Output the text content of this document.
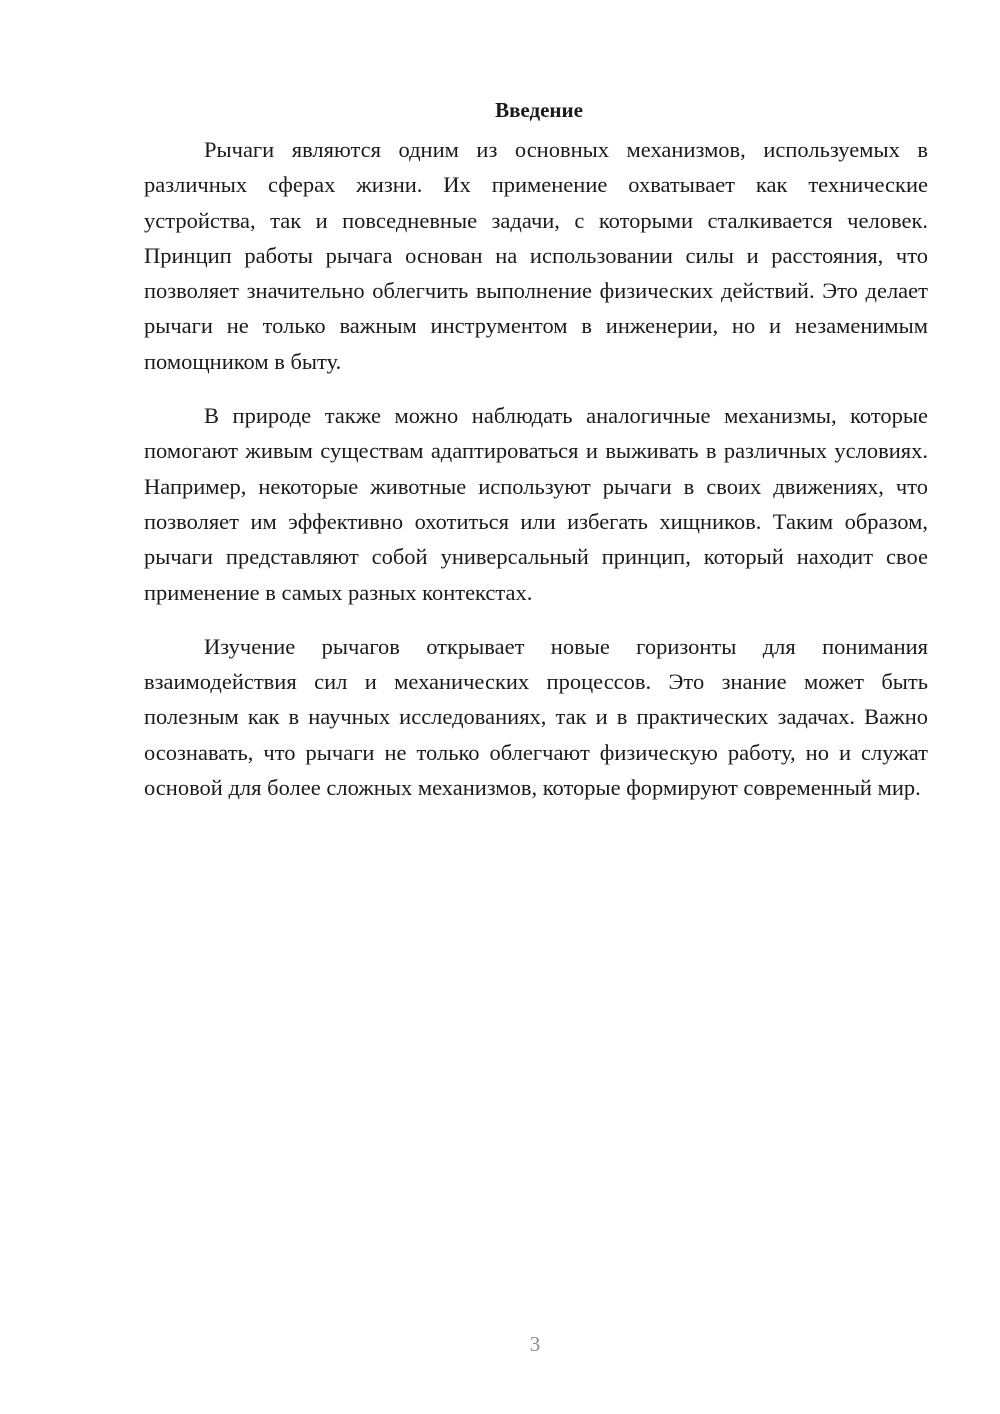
Введение

Рычаги являются одним из основных механизмов, используемых в различных сферах жизни. Их применение охватывает как технические устройства, так и повседневные задачи, с которыми сталкивается человек. Принцип работы рычага основан на использовании силы и расстояния, что позволяет значительно облегчить выполнение физических действий. Это делает рычаги не только важным инструментом в инженерии, но и незаменимым помощником в быту.

В природе также можно наблюдать аналогичные механизмы, которые помогают живым существам адаптироваться и выживать в различных условиях. Например, некоторые животные используют рычаги в своих движениях, что позволяет им эффективно охотиться или избегать хищников. Таким образом, рычаги представляют собой универсальный принцип, который находит свое применение в самых разных контекстах.

Изучение рычагов открывает новые горизонты для понимания взаимодействия сил и механических процессов. Это знание может быть полезным как в научных исследованиях, так и в практических задачах. Важно осознавать, что рычаги не только облегчают физическую работу, но и служат основой для более сложных механизмов, которые формируют современный мир.

3
